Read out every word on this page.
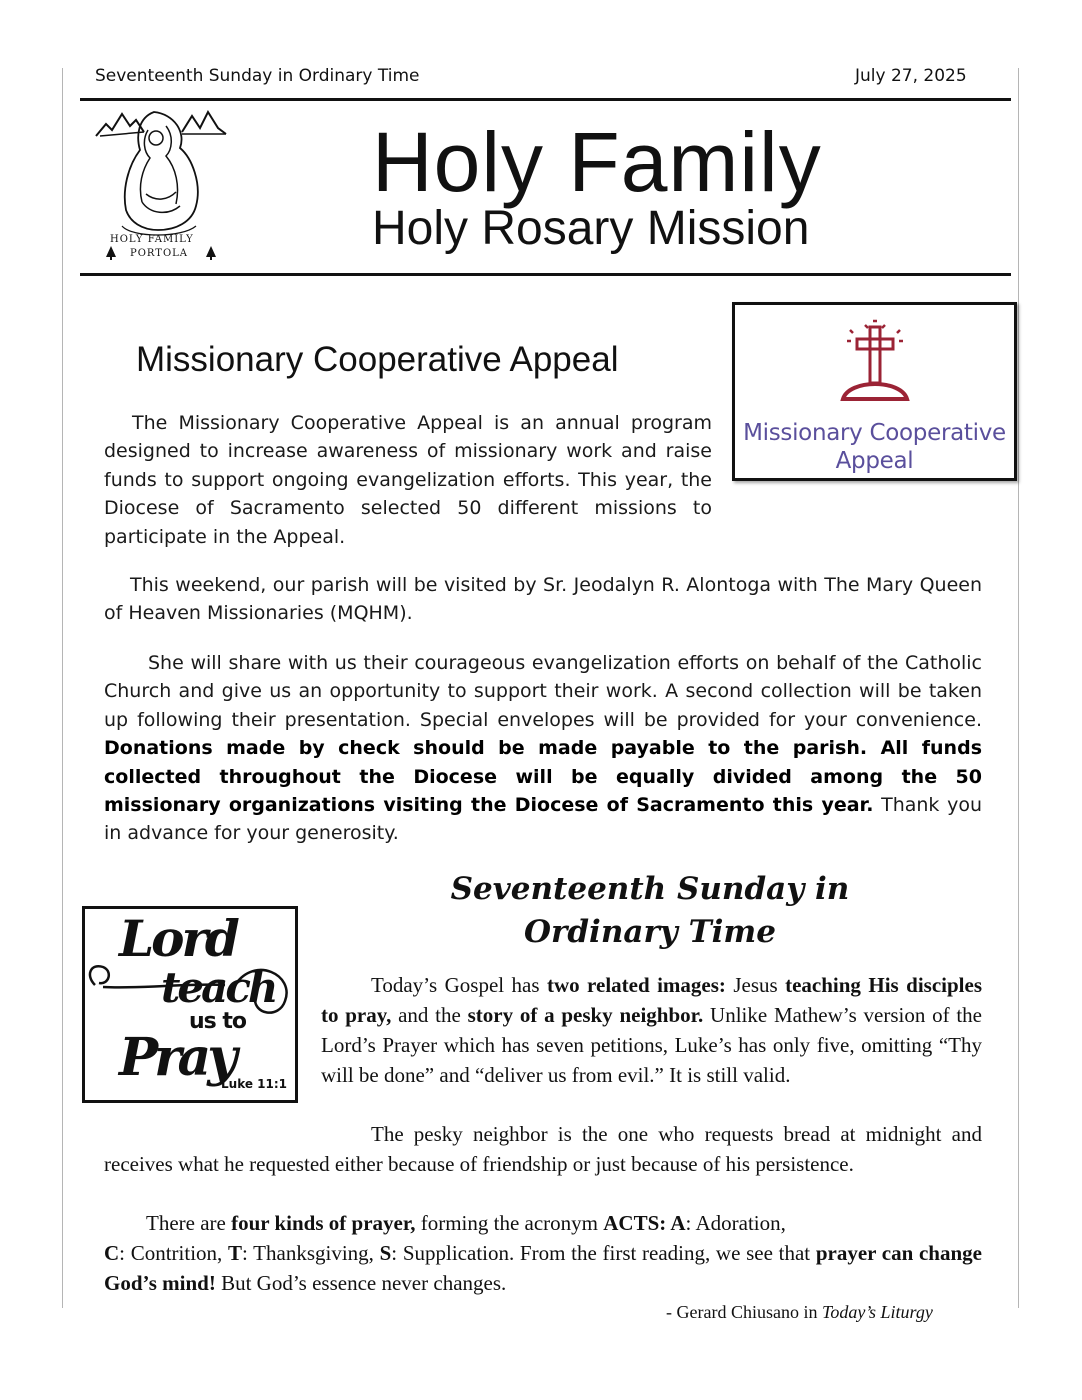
Seventeenth Sunday in Ordinary Time	July 27, 2025
HOLY FAMILY
PORTOLA
Holy Family
Holy Rosary Mission
Missionary Cooperative Appeal
Missionary Cooperative
Appeal
The Missionary Cooperative Appeal is an annual program designed to increase awareness of missionary work and raise funds to support ongoing evangelization efforts. This year, the Diocese of Sacramento selected 50 different missions to participate in the Appeal.
This weekend, our parish will be visited by Sr. Jeodalyn R. Alontoga with The Mary Queen of Heaven Missionaries (MQHM).
She will share with us their courageous evangelization efforts on behalf of the Catholic Church and give us an opportunity to support their work. A second collection will be taken up following their presentation. Special envelopes will be provided for your convenience. Donations made by check should be made payable to the parish. All funds collected throughout the Diocese will be equally divided among the 50 missionary organizations visiting the Diocese of Sacramento this year. Thank you in advance for your generosity.
Seventeenth Sunday in
Ordinary Time
Lord
teach
us to
Pray
Luke 11:1
Today’s Gospel has two related images: Jesus teaching His disciples to pray, and the story of a pesky neighbor. Unlike Mathew’s version of the Lord’s Prayer which has seven petitions, Luke’s has only five, omitting “Thy will be done” and “deliver us from evil.” It is still valid.
The pesky neighbor is the one who requests bread at midnight and receives what he requested either because of friendship or just because of his persistence.
There are four kinds of prayer, forming the acronym ACTS: A: Adoration,
C: Contrition, T: Thanksgiving, S: Supplication. From the first reading, we see that prayer can change God’s mind! But God’s essence never changes.
- Gerard Chiusano in Today’s Liturgy
